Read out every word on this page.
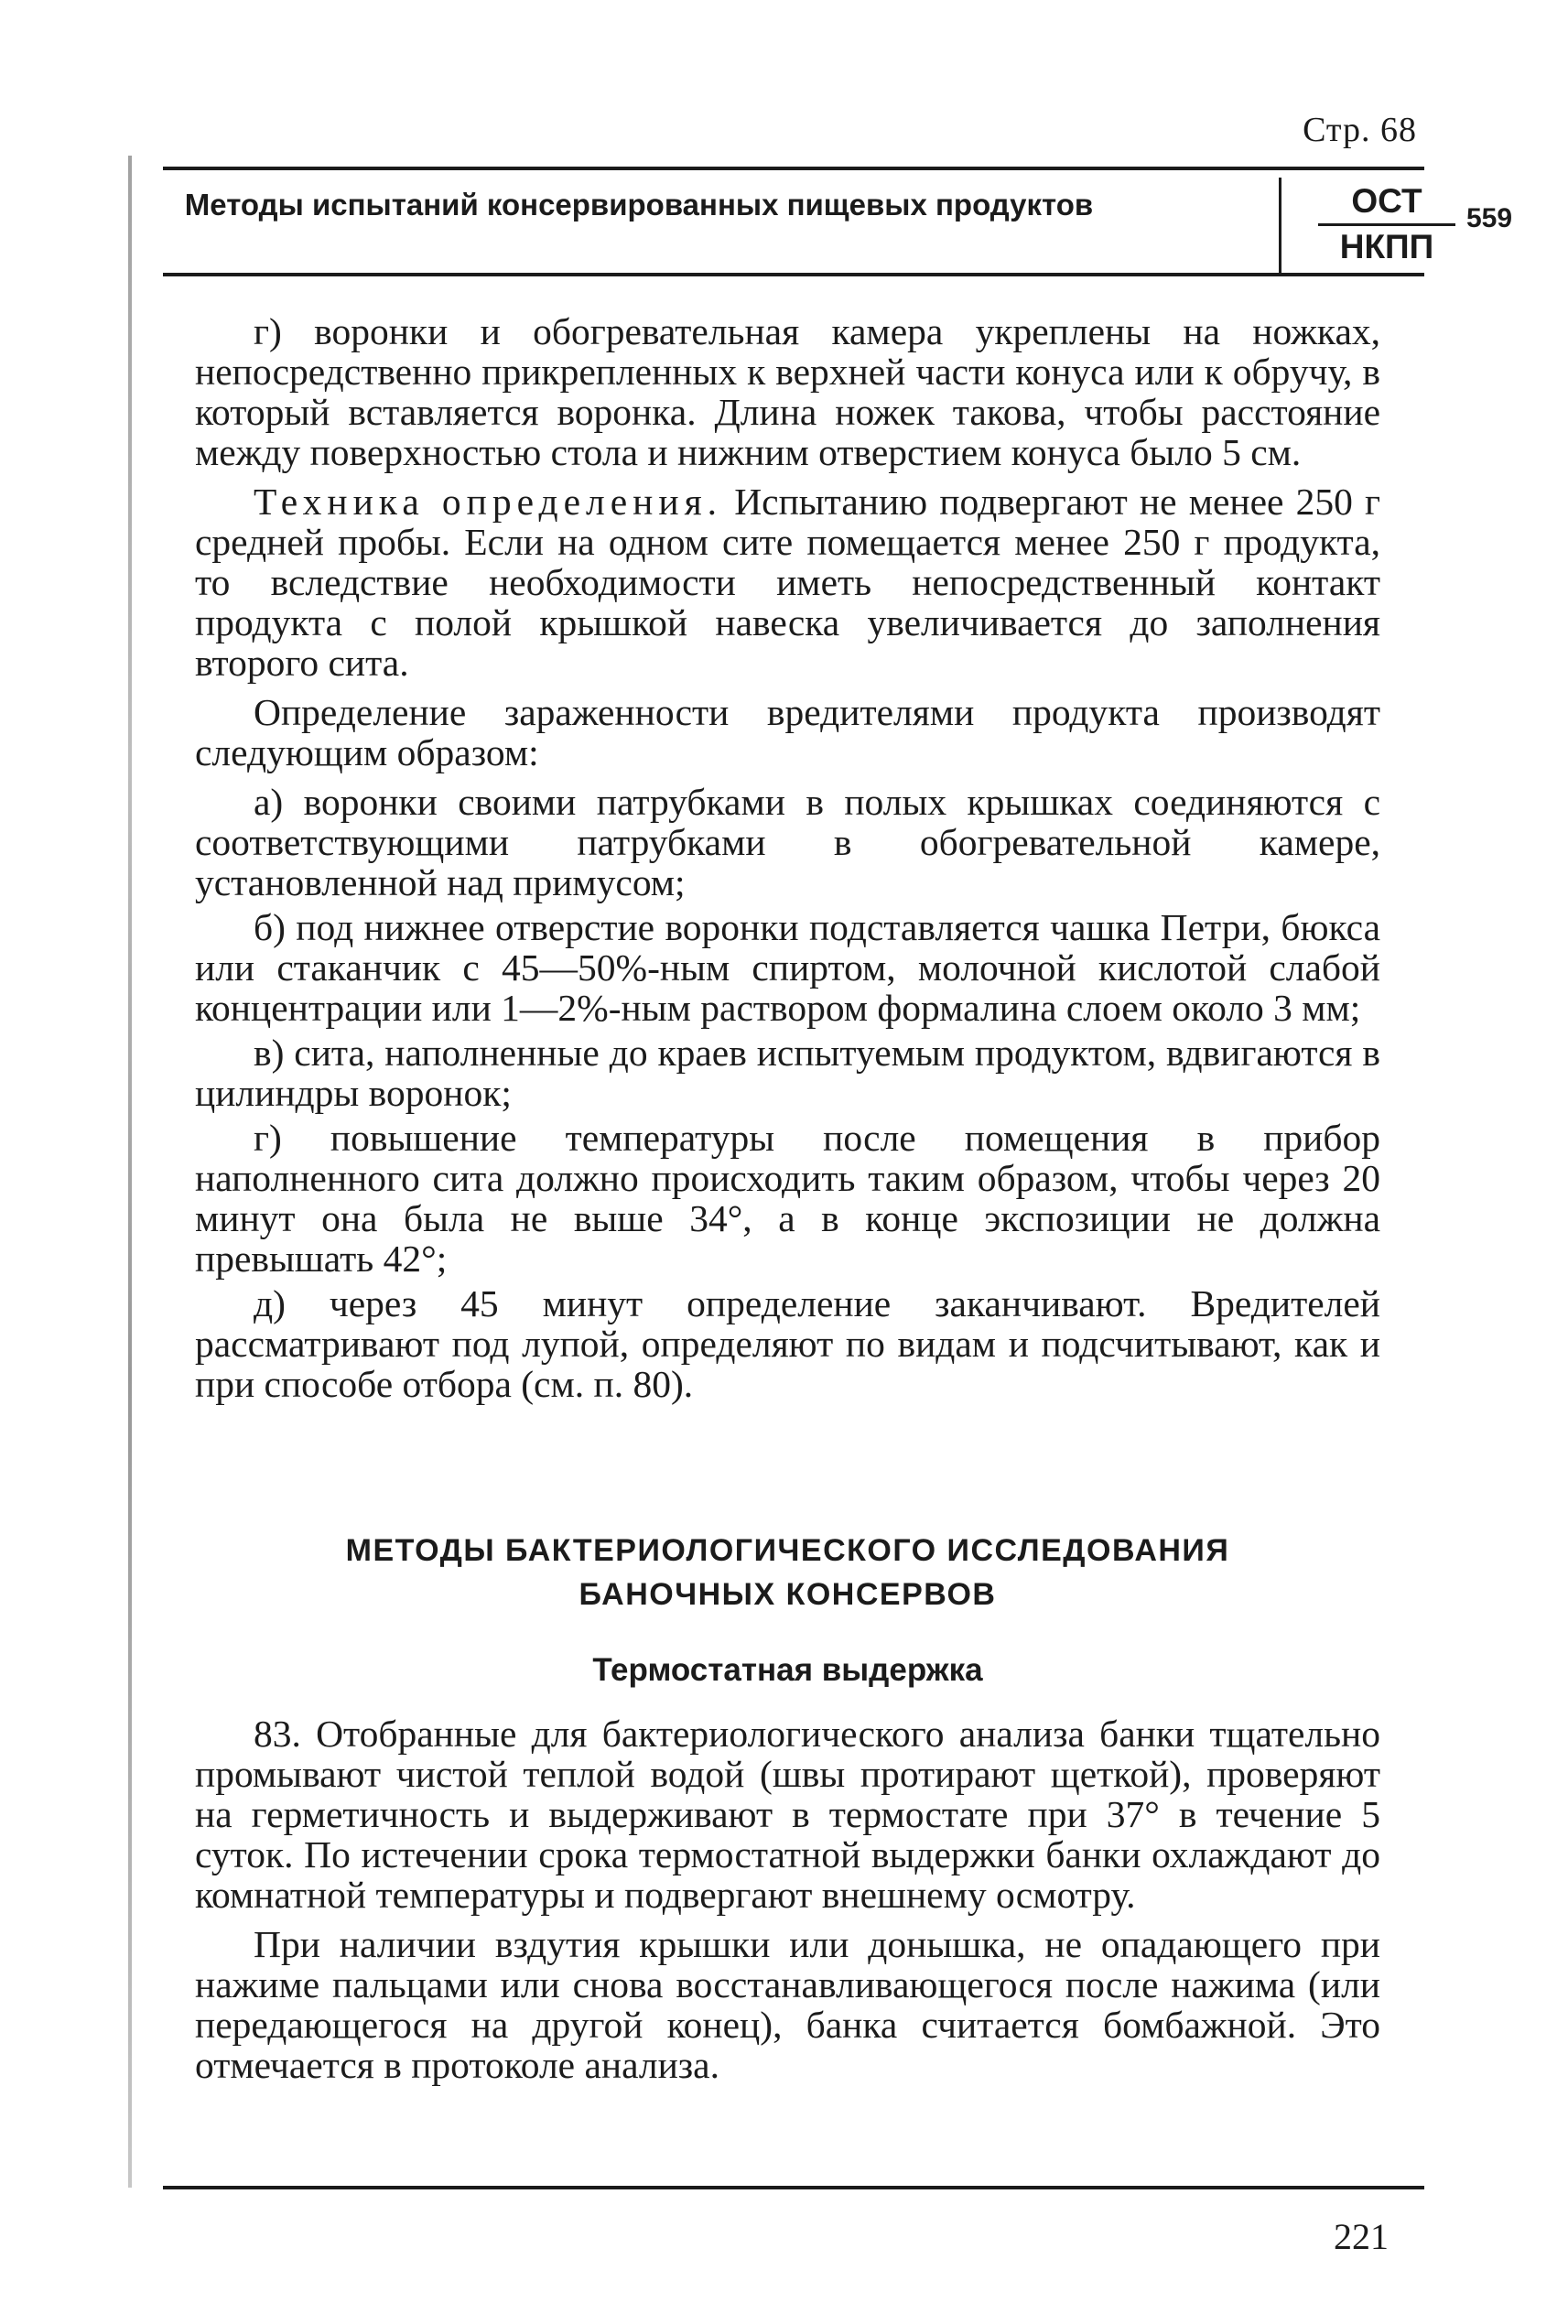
Стр. 68
Методы испытаний консервированных пищевых продуктов	ОСТ
НКПП
559

г) воронки и обогревательная камера укреплены на ножках, непосредственно прикрепленных к верхней части конуса или к обручу, в который вставляется воронка. Длина ножек такова, чтобы расстояние между поверхностью стола и нижним отверстием конуса было 5 см.

Техника определения. Испытанию подвергают не менее 250 г средней пробы. Если на одном сите помещается менее 250 г продукта, то вследствие необходимости иметь непосредственный контакт продукта с полой крышкой навеска увеличивается до заполнения второго сита.

Определение зараженности вредителями продукта производят следующим образом:

а) воронки своими патрубками в полых крышках соединяются с соответствующими патрубками в обогревательной камере, установленной над примусом;

б) под нижнее отверстие воронки подставляется чашка Петри, бюкса или стаканчик с 45—50%-ным спиртом, молочной кислотой слабой концентрации или 1—2%-ным раствором формалина слоем около 3 мм;

в) сита, наполненные до краев испытуемым продуктом, вдвигаются в цилиндры воронок;

г) повышение температуры после помещения в прибор наполненного сита должно происходить таким образом, чтобы через 20 минут она была не выше 34°, а в конце экспозиции не должна превышать 42°;

д) через 45 минут определение заканчивают. Вредителей рассматривают под лупой, определяют по видам и подсчитывают, как и при способе отбора (см. п. 80).

МЕТОДЫ БАКТЕРИОЛОГИЧЕСКОГО ИССЛЕДОВАНИЯ
БАНОЧНЫХ КОНСЕРВОВ
Термостатная выдержка

83. Отобранные для бактериологического анализа банки тщательно промывают чистой теплой водой (швы протирают щеткой), проверяют на герметичность и выдерживают в термостате при 37° в течение 5 суток. По истечении срока термостатной выдержки банки охлаждают до комнатной температуры и подвергают внешнему осмотру.

При наличии вздутия крышки или донышка, не опадающего при нажиме пальцами или снова восстанавливающегося после нажима (или передающегося на другой конец), банка считается бомбажной. Это отмечается в протоколе анализа.

221
